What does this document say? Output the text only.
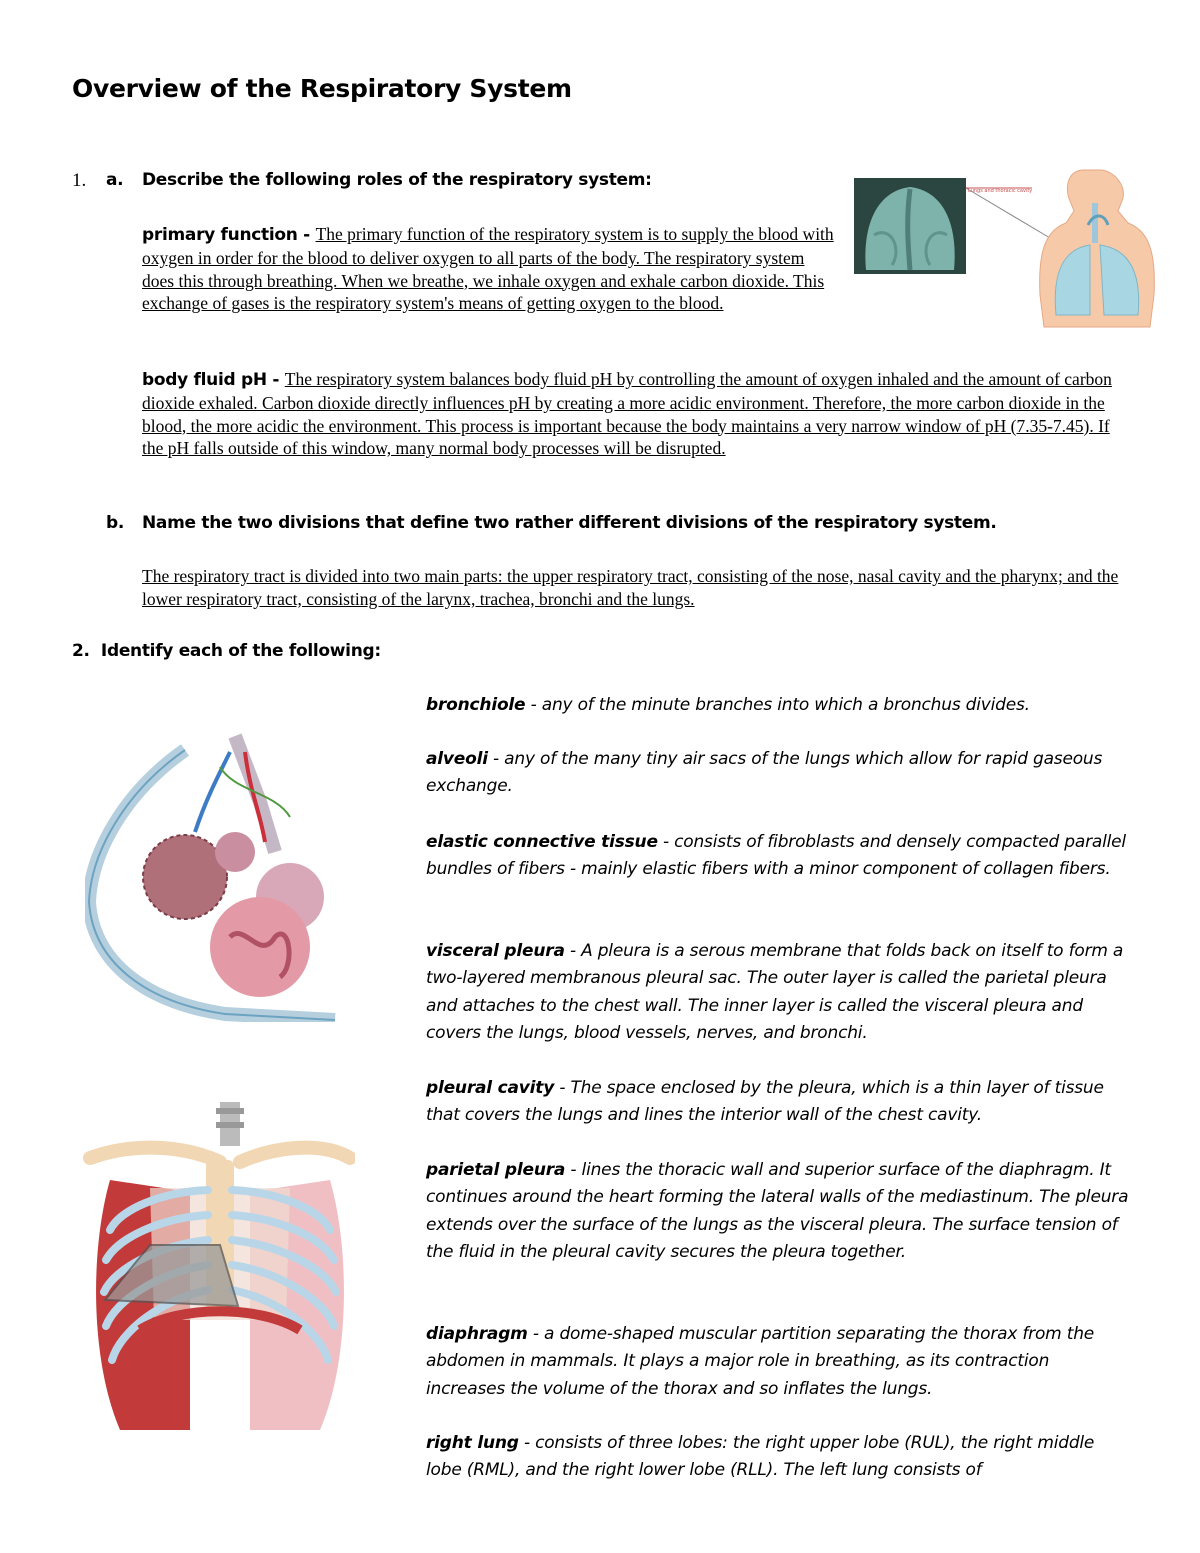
Overview of the Respiratory System
1. a. Describe the following roles of the respiratory system:
primary function - The primary function of the respiratory system is to supply the blood with oxygen in order for the blood to deliver oxygen to all parts of the body. The respiratory system does this through breathing. When we breathe, we inhale oxygen and exhale carbon dioxide. This exchange of gases is the respiratory system's means of getting oxygen to the blood.
body fluid pH - The respiratory system balances body fluid pH by controlling the amount of oxygen inhaled and the amount of carbon dioxide exhaled. Carbon dioxide directly influences pH by creating a more acidic environment. Therefore, the more carbon dioxide in the blood, the more acidic the environment. This process is important because the body maintains a very narrow window of pH (7.35-7.45). If the pH falls outside of this window, many normal body processes will be disrupted.
b. Name the two divisions that define two rather different divisions of the respiratory system.
The respiratory tract is divided into two main parts: the upper respiratory tract, consisting of the nose, nasal cavity and the pharynx; and the lower respiratory tract, consisting of the larynx, trachea, bronchi and the lungs.
2.  Identify each of the following:
bronchiole - any of the minute branches into which a bronchus divides.
alveoli - any of the many tiny air sacs of the lungs which allow for rapid gaseous exchange.
elastic connective tissue - consists of fibroblasts and densely compacted parallel bundles of fibers - mainly elastic fibers with a minor component of collagen fibers.
visceral pleura - A pleura is a serous membrane that folds back on itself to form a two-layered membranous pleural sac. The outer layer is called the parietal pleura and attaches to the chest wall. The inner layer is called the visceral pleura and covers the lungs, blood vessels, nerves, and bronchi.
pleural cavity - The space enclosed by the pleura, which is a thin layer of tissue that covers the lungs and lines the interior wall of the chest cavity.
parietal pleura - lines the thoracic wall and superior surface of the diaphragm. It continues around the heart forming the lateral walls of the mediastinum. The pleura extends over the surface of the lungs as the visceral pleura. The surface tension of the fluid in the pleural cavity secures the pleura together.
diaphragm - a dome-shaped muscular partition separating the thorax from the abdomen in mammals. It plays a major role in breathing, as its contraction increases the volume of the thorax and so inflates the lungs.
right lung - consists of three lobes: the right upper lobe (RUL), the right middle lobe (RML), and the right lower lobe (RLL). The left lung consists of
Lungs and thoracic cavity
